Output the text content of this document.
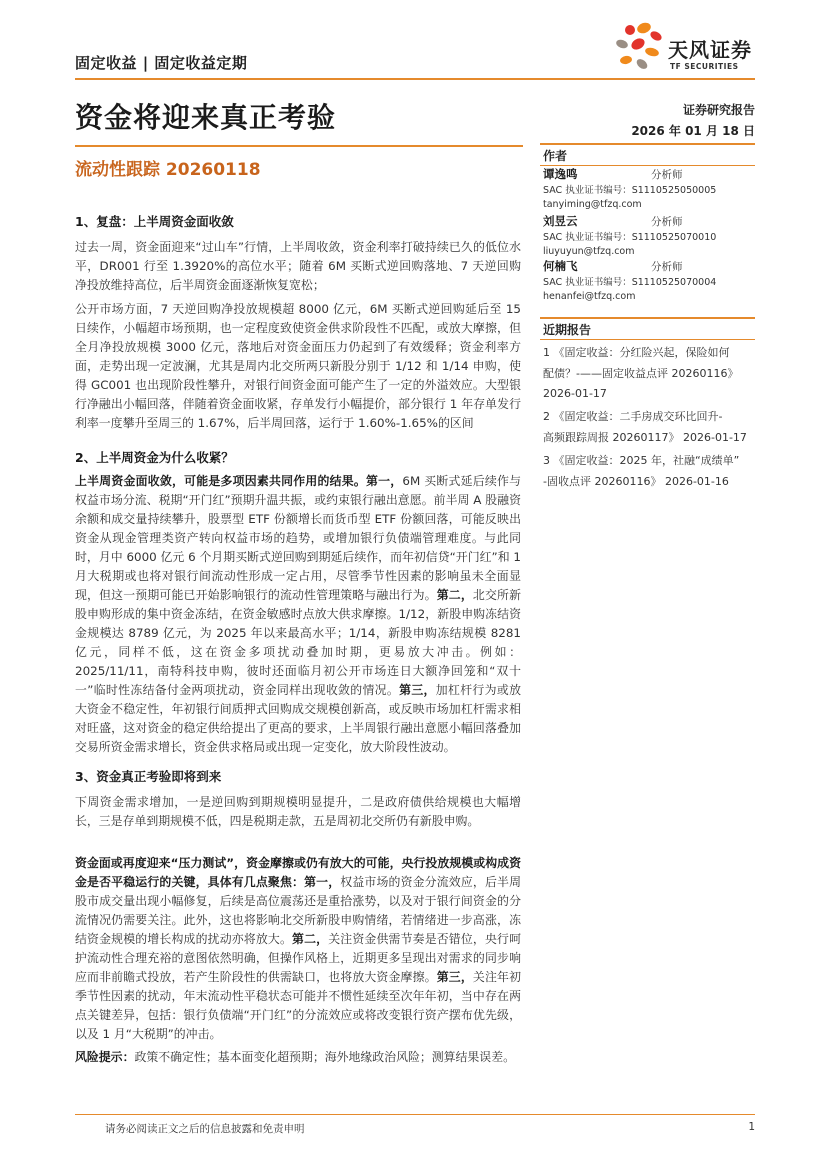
固定收益 | 固定收益定期
天风证券
TF SECURITIES
资金将迎来真正考验
流动性跟踪 20260118
证券研究报告
2026 年 01 月 18 日
作者
谭逸鸣	分析师
SAC 执业证书编号：S1110525050005
tanyiming@tfzq.com
刘昱云	分析师
SAC 执业证书编号：S1110525070010
liuyuyun@tfzq.com
何楠飞	分析师
SAC 执业证书编号：S1110525070004
henanfei@tfzq.com
近期报告
1 《固定收益：分红险兴起，保险如何
配债？-——固定收益点评 20260116》
2026-01-17
2 《固定收益：二手房成交环比回升-
高频跟踪周报 20260117》 2026-01-17
3 《固定收益：2025 年，社融“成绩单”
-固收点评 20260116》 2026-01-16
1、复盘：上半周资金面收敛
过去一周，资金面迎来“过山车”行情，上半周收敛，资金利率打破持续已久的低位水平，DR001 行至 1.3920%的高位水平；随着 6M 买断式逆回购落地、7 天逆回购净投放维持高位，后半周资金面逐渐恢复宽松；
公开市场方面，7 天逆回购净投放规模超 8000 亿元，6M 买断式逆回购延后至 15 日续作，小幅超市场预期，也一定程度致使资金供求阶段性不匹配，或放大摩擦，但全月净投放规模 3000 亿元，落地后对资金面压力仍起到了有效缓释；资金利率方面，走势出现一定波澜，尤其是周内北交所两只新股分别于 1/12 和 1/14 申购，使得 GC001 也出现阶段性攀升，对银行间资金面可能产生了一定的外溢效应。大型银行净融出小幅回落，伴随着资金面收紧，存单发行小幅提价，部分银行 1 年存单发行利率一度攀升至周三的 1.67%，后半周回落，运行于 1.60%-1.65%的区间
2、上半周资金为什么收紧？
上半周资金面收敛，可能是多项因素共同作用的结果。第一，6M 买断式延后续作与权益市场分流、税期“开门红”预期升温共振，或约束银行融出意愿。前半周 A 股融资余额和成交量持续攀升，股票型 ETF 份额增长而货币型 ETF 份额回落，可能反映出资金从现金管理类资产转向权益市场的趋势，或增加银行负债端管理难度。与此同时，月中 6000 亿元 6 个月期买断式逆回购到期延后续作，而年初信贷“开门红”和 1 月大税期或也将对银行间流动性形成一定占用，尽管季节性因素的影响虽未全面显现，但这一预期可能已开始影响银行的流动性管理策略与融出行为。第二，北交所新股申购形成的集中资金冻结，在资金敏感时点放大供求摩擦。1/12，新股申购冻结资金规模达 8789 亿元，为 2025 年以来最高水平；1/14，新股申购冻结规模 8281 亿元，同样不低，这在资金多项扰动叠加时期，更易放大冲击。例如：2025/11/11，南特科技申购，彼时还面临月初公开市场连日大额净回笼和“双十一”临时性冻结备付金两项扰动，资金同样出现收敛的情况。第三，加杠杆行为或放大资金不稳定性，年初银行间质押式回购成交规模创新高，或反映市场加杠杆需求相对旺盛，这对资金的稳定供给提出了更高的要求，上半周银行融出意愿小幅回落叠加交易所资金需求增长，资金供求格局或出现一定变化，放大阶段性波动。
3、资金真正考验即将到来
下周资金需求增加，一是逆回购到期规模明显提升，二是政府债供给规模也大幅增长，三是存单到期规模不低，四是税期走款，五是周初北交所仍有新股申购。
资金面或再度迎来“压力测试”，资金摩擦或仍有放大的可能，央行投放规模或构成资金是否平稳运行的关键，具体有几点聚焦：第一，权益市场的资金分流效应，后半周股市成交量出现小幅修复，后续是高位震荡还是重拾涨势，以及对于银行间资金的分流情况仍需要关注。此外，这也将影响北交所新股申购情绪，若情绪进一步高涨，冻结资金规模的增长构成的扰动亦将放大。第二，关注资金供需节奏是否错位，央行呵护流动性合理充裕的意图依然明确，但操作风格上，近期更多呈现出对需求的同步响应而非前瞻式投放，若产生阶段性的供需缺口，也将放大资金摩擦。第三，关注年初季节性因素的扰动，年末流动性平稳状态可能并不惯性延续至次年年初，当中存在两点关键差异，包括：银行负债端“开门红”的分流效应或将改变银行资产摆布优先级，以及 1 月“大税期”的冲击。
风险提示：政策不确定性；基本面变化超预期；海外地缘政治风险；测算结果误差。
请务必阅读正文之后的信息披露和免责申明	1
